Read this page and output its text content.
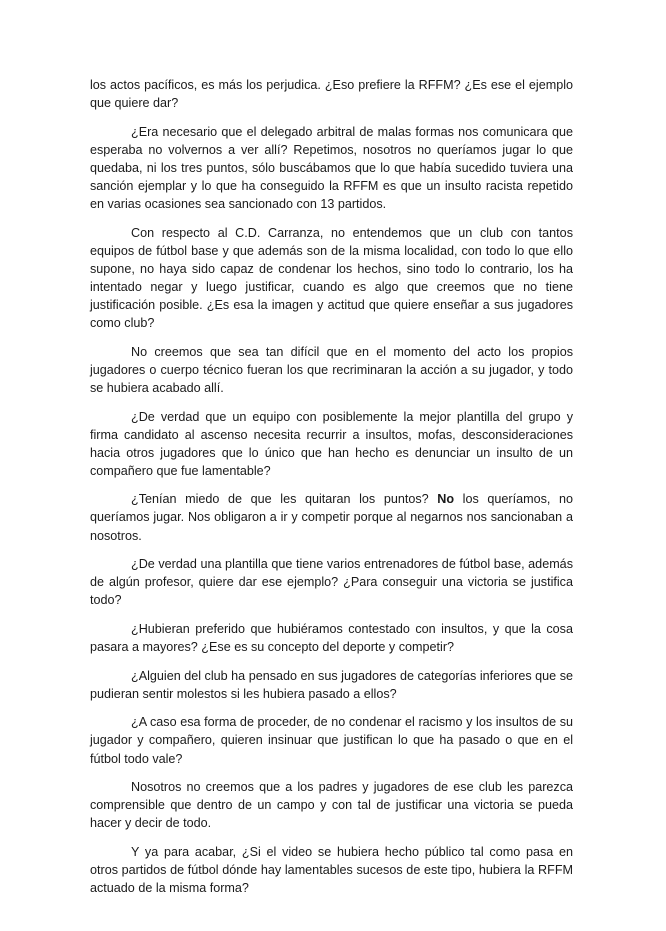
los actos pacíficos, es más los perjudica. ¿Eso prefiere la RFFM? ¿Es ese el ejemplo que quiere dar?

¿Era necesario que el delegado arbitral de malas formas nos comunicara que esperaba no volvernos a ver allí? Repetimos, nosotros no queríamos jugar lo que quedaba, ni los tres puntos, sólo buscábamos que lo que había sucedido tuviera una sanción ejemplar y lo que ha conseguido la RFFM es que un insulto racista repetido en varias ocasiones sea sancionado con 13 partidos.

Con respecto al C.D. Carranza, no entendemos que un club con tantos equipos de fútbol base y que además son de la misma localidad, con todo lo que ello supone, no haya sido capaz de condenar los hechos, sino todo lo contrario, los ha intentado negar y luego justificar, cuando es algo que creemos que no tiene justificación posible. ¿Es esa la imagen y actitud que quiere enseñar a sus jugadores como club?

No creemos que sea tan difícil que en el momento del acto los propios jugadores o cuerpo técnico fueran los que recriminaran la acción a su jugador, y todo se hubiera acabado allí.

¿De verdad que un equipo con posiblemente la mejor plantilla del grupo y firma candidato al ascenso necesita recurrir a insultos, mofas, desconsideraciones hacia otros jugadores que lo único que han hecho es denunciar un insulto de un compañero que fue lamentable?

¿Tenían miedo de que les quitaran los puntos? No los queríamos, no queríamos jugar. Nos obligaron a ir y competir porque al negarnos nos sancionaban a nosotros.

¿De verdad una plantilla que tiene varios entrenadores de fútbol base, además de algún profesor, quiere dar ese ejemplo? ¿Para conseguir una victoria se justifica todo?

¿Hubieran preferido que hubiéramos contestado con insultos, y que la cosa pasara a mayores? ¿Ese es su concepto del deporte y competir?

¿Alguien del club ha pensado en sus jugadores de categorías inferiores que se pudieran sentir molestos si les hubiera pasado a ellos?

¿A caso esa forma de proceder, de no condenar el racismo y los insultos de su jugador y compañero, quieren insinuar que justifican lo que ha pasado o que en el fútbol todo vale?

Nosotros no creemos que a los padres y jugadores de ese club les parezca comprensible que dentro de un campo y con tal de justificar una victoria se pueda hacer y decir de todo.

Y ya para acabar, ¿Si el video se hubiera hecho público tal como pasa en otros partidos de fútbol dónde hay lamentables sucesos de este tipo, hubiera la RFFM actuado de la misma forma?
